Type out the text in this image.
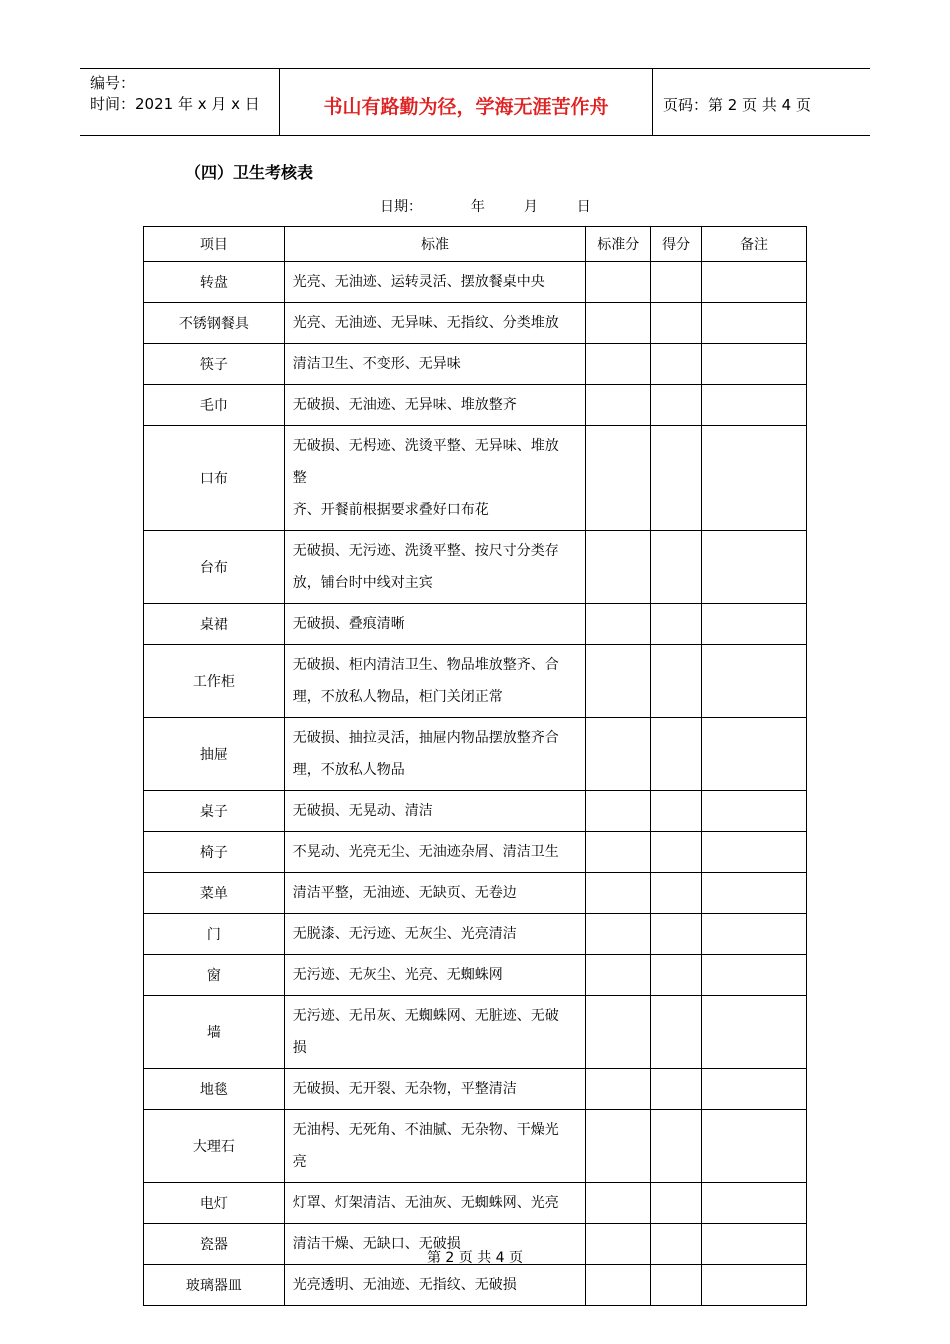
编号：
时间：2021 年 x 月 x 日	书山有路勤为径，学海无涯苦作舟	页码：第 2 页 共 4 页
（四）卫生考核表
日期：	年	月	日
项目	标准	标准分	得分	备注
转盘	光亮、无油迹、运转灵活、摆放餐桌中央			

不锈钢餐具	光亮、无油迹、无异味、无指纹、分类堆放			

筷子	清洁卫生、不变形、无异味			

毛巾	无破损、无油迹、无异味、堆放整齐			

口布	无破损、无枵迹、洗烫平整、无异味、堆放
整
齐、开餐前根据要求叠好口布花			

台布	无破损、无污迹、洗烫平整、按尺寸分类存
放，铺台时中线对主宾			

桌裙	无破损、叠痕清晰			

工作柜	无破损、柜内清洁卫生、物品堆放整齐、合
理，不放私人物品，柜门关闭正常			

抽屉	无破损、抽拉灵活，抽屉内物品摆放整齐合
理，不放私人物品			

桌子	无破损、无晃动、清洁			

椅子	不晃动、光亮无尘、无油迹杂屑、清洁卫生			

菜单	清洁平整，无油迹、无缺页、无卷边			

门	无脱漆、无污迹、无灰尘、光亮清洁			

窗	无污迹、无灰尘、光亮、无蜘蛛网			

墙	无污迹、无吊灰、无蜘蛛网、无脏迹、无破
损			

地毯	无破损、无开裂、无杂物，平整清洁			

大理石	无油枵、无死角、不油腻、无杂物、干燥光
亮			

电灯	灯罩、灯架清洁、无油灰、无蜘蛛网、光亮			

瓷器	清洁干燥、无缺口、无破损			

玻璃器皿	光亮透明、无油迹、无指纹、无破损			

第 2 页 共 4 页
